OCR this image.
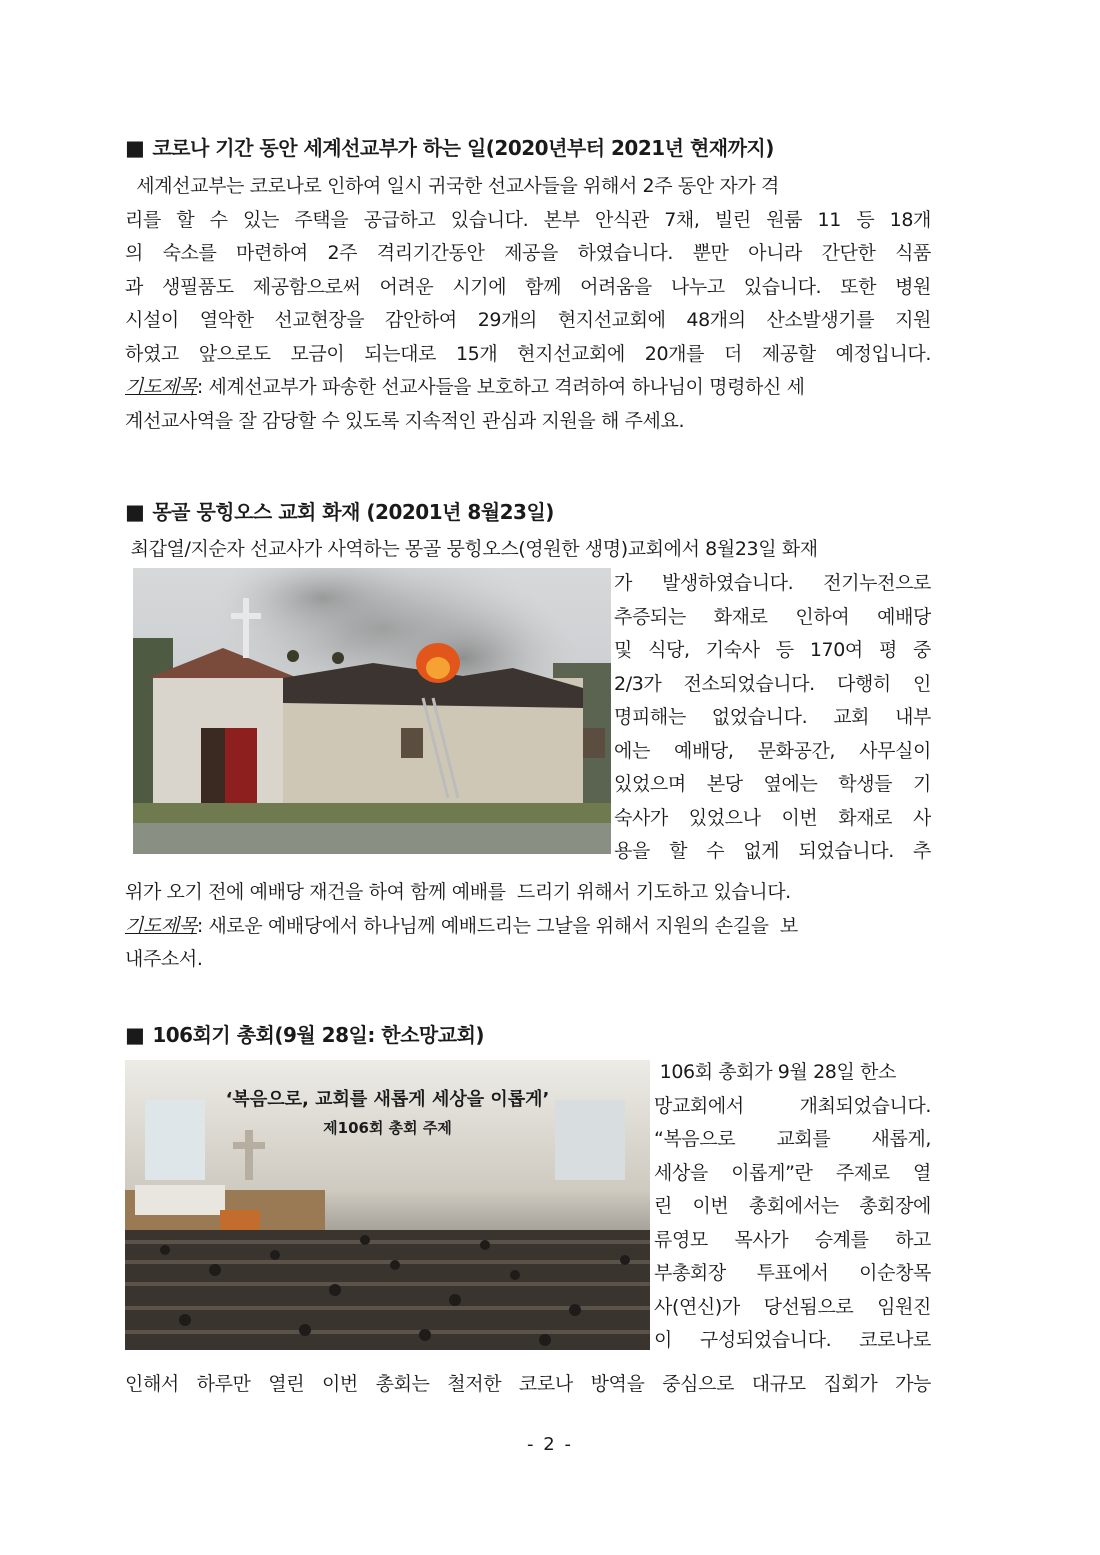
■ 코로나 기간 동안 세계선교부가 하는 일(2020년부터 2021년 현재까지)
세계선교부는 코로나로 인하여 일시 귀국한 선교사들을 위해서 2주 동안 자가 격
리를 할 수 있는 주택을 공급하고 있습니다. 본부 안식관 7채, 빌린 원룸 11 등 18개
의 숙소를 마련하여 2주 격리기간동안 제공을 하였습니다. 뿐만 아니라 간단한 식품
과 생필품도 제공함으로써 어려운 시기에 함께 어려움을 나누고 있습니다. 또한 병원
시설이 열악한 선교현장을 감안하여 29개의 현지선교회에 48개의 산소발생기를 지원
하였고 앞으로도 모금이 되는대로 15개 현지선교회에 20개를 더 제공할 예정입니다.
기도제목: 세계선교부가 파송한 선교사들을 보호하고 격려하여 하나님이 명령하신 세
계선교사역을 잘 감당할 수 있도록 지속적인 관심과 지원을 해 주세요.
■ 몽골 뭉힝오스 교회 화재 (20201년 8월23일)
최갑열/지순자 선교사가 사역하는 몽골 뭉힝오스(영원한 생명)교회에서 8월23일 화재
가 발생하였습니다. 전기누전으로
추증되는 화재로 인하여 예배당
및 식당, 기숙사 등 170여 평 중
2/3가 전소되었습니다. 다행히 인
명피해는 없었습니다. 교회 내부
에는 예배당, 문화공간, 사무실이
있었으며 본당 옆에는 학생들 기
숙사가 있었으나 이번 화재로 사
용을 할 수 없게 되었습니다. 추
위가 오기 전에 예배당 재건을 하여 함께 예배를  드리기 위해서 기도하고 있습니다.
기도제목: 새로운 예배당에서 하나님께 예배드리는 그날을 위해서 지원의 손길을  보
내주소서.
■ 106회기 총회(9월 28일: 한소망교회)
‘복음으로, 교회를 새롭게 세상을 이롭게’
제106회 총회 주제
106회 총회가 9월 28일 한소
망교회에서 개최되었습니다.
“복음으로 교회를 새롭게,
세상을 이롭게”란 주제로 열
린 이번 총회에서는 총회장에
류영모 목사가 승계를 하고
부총회장 투표에서 이순창목
사(연신)가 당선됨으로 임원진
이 구성되었습니다. 코로나로
인해서 하루만 열린 이번 총회는 철저한 코로나 방역을 중심으로 대규모 집회가 가능
- 2 -
